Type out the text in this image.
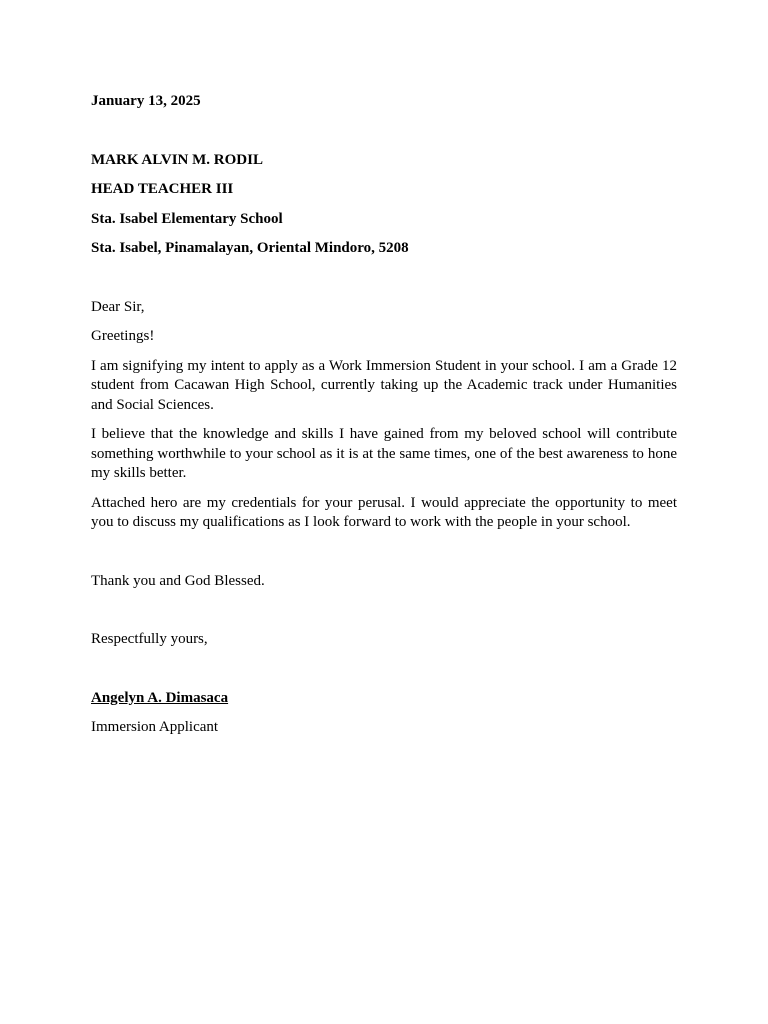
January 13, 2025

MARK ALVIN M. RODIL

HEAD TEACHER III

Sta. Isabel Elementary School

Sta. Isabel, Pinamalayan, Oriental Mindoro, 5208

Dear Sir,

Greetings!

I am signifying my intent to apply as a Work Immersion Student in your school. I am a Grade 12 student from Cacawan High School, currently taking up the Academic track under Humanities and Social Sciences.

I believe that the knowledge and skills I have gained from my beloved school will contribute something worthwhile to your school as it is at the same times, one of the best awareness to hone my skills better.

Attached hero are my credentials for your perusal. I would appreciate the opportunity to meet you to discuss my qualifications as I look forward to work with the people in your school.

Thank you and God Blessed.

Respectfully yours,

Angelyn A. Dimasaca

Immersion Applicant
